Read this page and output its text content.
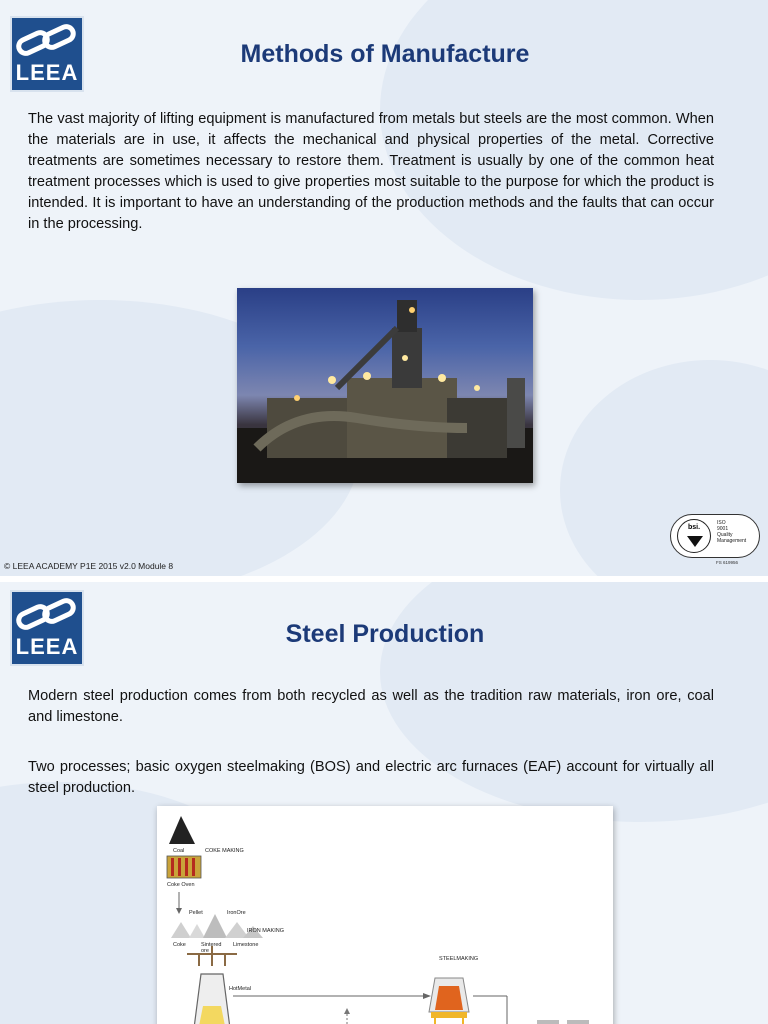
LEEA
Methods of Manufacture

The vast majority of lifting equipment is manufactured from metals but steels are the most common. When the materials are in use, it affects the mechanical and physical properties of the metal. Corrective treatments are sometimes necessary to restore them. Treatment is usually by one of the common heat treatment processes which is used to give properties most suitable to the purpose for which the product is intended. It is important to have an understanding of the production methods and the faults that can occur in the processing.

bsi.
ISO
9001
Quality
Management
FS 619956
© LEEA ACADEMY P1E 2015 v2.0 Module 8
LEEA	Steel Production

Modern steel production comes from both recycled as well as the tradition raw materials, iron ore, coal and limestone.

Two processes; basic oxygen steelmaking (BOS) and electric arc furnaces (EAF) account for virtually all steel production.

Coal	COKE MAKING
Coke Oven
Pellet	IronOre
IRON MAKING
Coke	Sintered ore
Limestone
STEELMAKING
HotMetal
